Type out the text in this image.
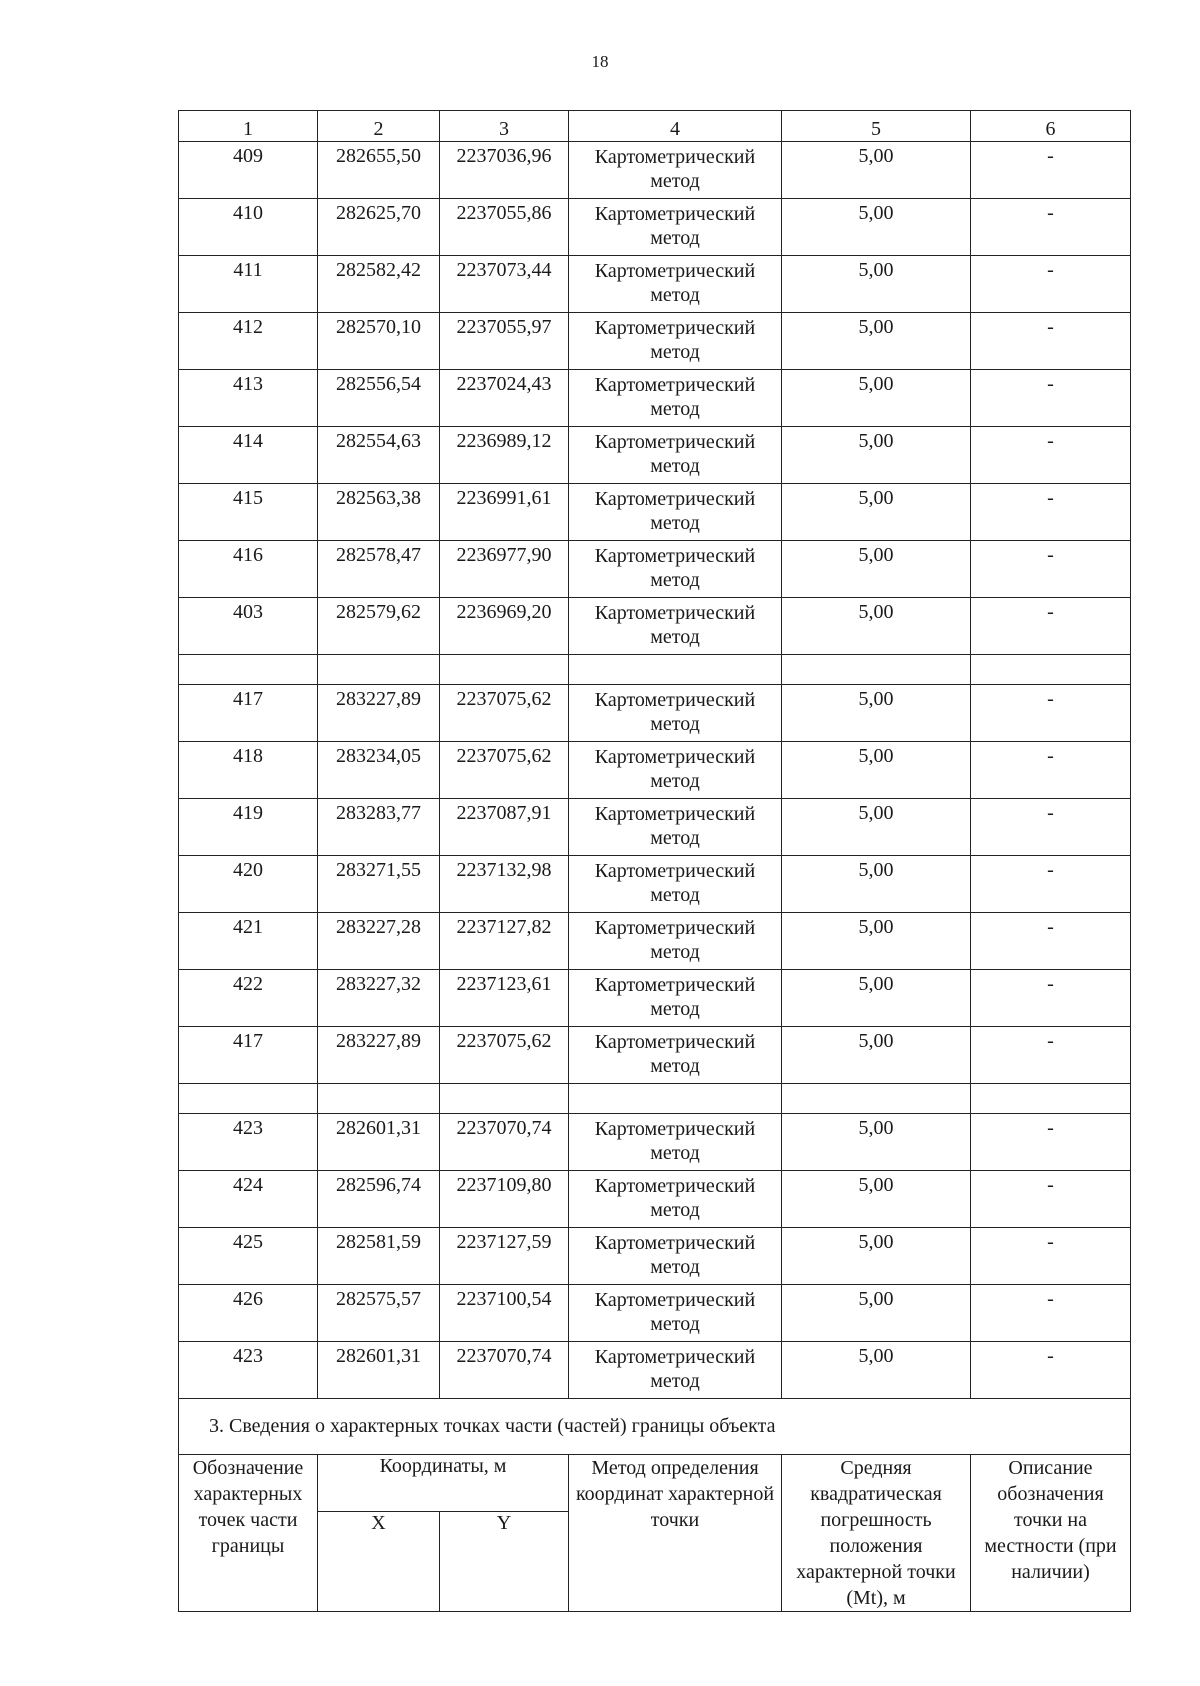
18
1	2	3	4	5	6
409	282655,50	2237036,96	Картометрический метод	5,00	-
410	282625,70	2237055,86	Картометрический метод	5,00	-
411	282582,42	2237073,44	Картометрический метод	5,00	-
412	282570,10	2237055,97	Картометрический метод	5,00	-
413	282556,54	2237024,43	Картометрический метод	5,00	-
414	282554,63	2236989,12	Картометрический метод	5,00	-
415	282563,38	2236991,61	Картометрический метод	5,00	-
416	282578,47	2236977,90	Картометрический метод	5,00	-
403	282579,62	2236969,20	Картометрический метод	5,00	-

417	283227,89	2237075,62	Картометрический метод	5,00	-
418	283234,05	2237075,62	Картометрический метод	5,00	-
419	283283,77	2237087,91	Картометрический метод	5,00	-
420	283271,55	2237132,98	Картометрический метод	5,00	-
421	283227,28	2237127,82	Картометрический метод	5,00	-
422	283227,32	2237123,61	Картометрический метод	5,00	-
417	283227,89	2237075,62	Картометрический метод	5,00	-

423	282601,31	2237070,74	Картометрический метод	5,00	-
424	282596,74	2237109,80	Картометрический метод	5,00	-
425	282581,59	2237127,59	Картометрический метод	5,00	-
426	282575,57	2237100,54	Картометрический метод	5,00	-
423	282601,31	2237070,74	Картометрический метод	5,00	-
3. Сведения о характерных точках части (частей) границы объекта					
Обозначение характерных точек части границы	Координаты, м		Метод определения координат характерной точки	Средняя квадратическая погрешность положения характерной точки (Mt), м	Описание обозначения точки на местности (при наличии)
	X	Y			
